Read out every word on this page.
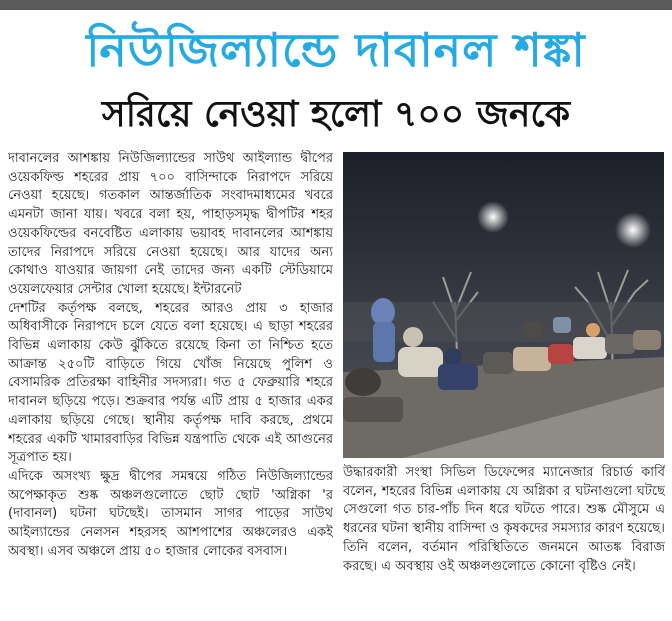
নিউজিল্যান্ডে দাবানল শঙ্কা
সরিয়ে নেওয়া হলো ৭০০ জনকে

দাবানলের আশঙ্কায় নিউজিল্যান্ডের সাউথ আইল্যান্ড দ্বীপের ওয়েকফিল্ড শহরের প্রায় ৭০০ বাসিন্দাকে নিরাপদে সরিয়ে নেওয়া হয়েছে। গতকাল আন্তর্জাতিক সংবাদমাধ্যমের খবরে এমনটা জানা যায়। খবরে বলা হয়, পাহাড়সমৃদ্ধ দ্বীপটির শহর ওয়েকফিল্ডের বনবেষ্টিত এলাকায় ভয়াবহ দাবানলের আশঙ্কায় তাদের নিরাপদে সরিয়ে নেওয়া হয়েছে। আর যাদের অন্য কোথাও যাওয়ার জায়গা নেই তাদের জন্য একটি স্টেডিয়ামে ওয়েলফেয়ার সেন্টার খোলা হয়েছে। ইন্টারনেট

দেশটির কর্তৃপক্ষ বলছে, শহরের আরও প্রায় ৩ হাজার অধিবাসীকে নিরাপদে চলে যেতে বলা হয়েছে। এ ছাড়া শহরের বিভিন্ন এলাকায় কেউ ঝুঁকিতে রয়েছে কিনা তা নিশ্চিত হতে আক্রান্ত ২৫০টি বাড়িতে গিয়ে খোঁজ নিয়েছে পুলিশ ও বেসামরিক প্রতিরক্ষা বাহিনীর সদস্যরা। গত ৫ ফেব্রুয়ারি শহরে দাবানল ছড়িয়ে পড়ে। শুক্রবার পর্যন্ত এটি প্রায় ৫ হাজার একর এলাকায় ছড়িয়ে গেছে। স্থানীয় কর্তৃপক্ষ দাবি করছে, প্রথমে শহরের একটি খামারবাড়ির বিভিন্ন যন্ত্রপাতি থেকে এই আগুনের সূত্রপাত হয়।

এদিকে অসংখ্য ক্ষুদ্র দ্বীপের সমন্বয়ে গঠিত নিউজিল্যান্ডের অপেক্ষাকৃত শুষ্ক অঞ্চলগুলোতে ছোট ছোট 'অগ্নিকা 'র (দাবানল) ঘটনা ঘটছেই। তাসমান সাগর পাড়ের সাউথ আইল্যান্ডের নেলসন শহরসহ আশপাশের অঞ্চলেরও একই অবস্থা। এসব অঞ্চলে প্রায় ৫০ হাজার লোকের বসবাস।

উদ্ধারকারী সংস্থা সিভিল ডিফেন্সের ম্যানেজার রিচার্ড কার্বি বলেন, শহরের বিভিন্ন এলাকায় যে অগ্নিকা র ঘটনাগুলো ঘটছে সেগুলো গত চার-পাঁচ দিন ধরে ঘটতে পারে। শুষ্ক মৌসুমে এ ধরনের ঘটনা স্থানীয় বাসিন্দা ও কৃষকদের সমস্যার কারণ হয়েছে।

তিনি বলেন, বর্তমান পরিস্থিতিতে জনমনে আতঙ্ক বিরাজ করছে। এ অবস্থায় ওই অঞ্চলগুলোতে কোনো বৃষ্টিও নেই।
